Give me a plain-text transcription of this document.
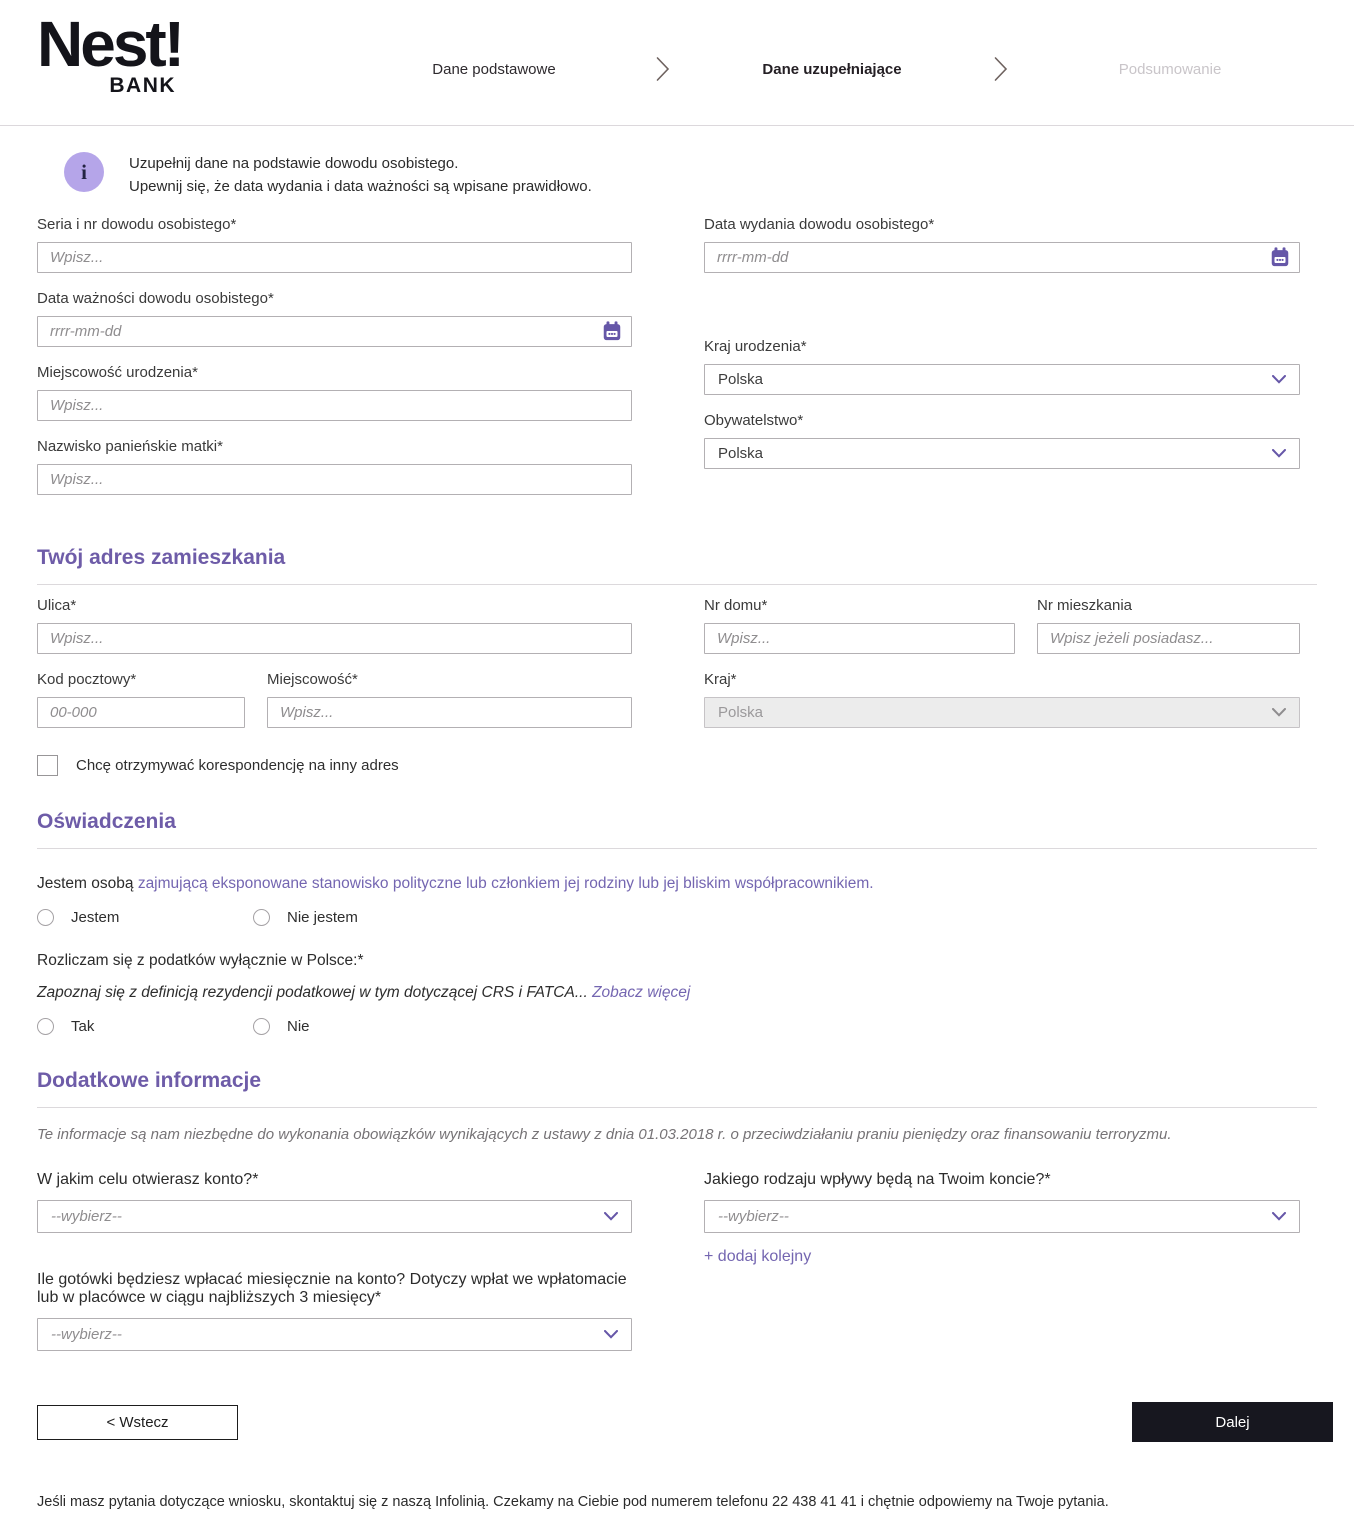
Nest!
BANK
Dane podstawowe	Dane uzupełniające	Podsumowanie
i	Uzupełnij dane na podstawie dowodu osobistego.
Upewnij się, że data wydania i data ważności są wpisane prawidłowo.
Seria i nr dowodu osobistego*
Wpisz...
Data ważności dowodu osobistego*
rrrr-mm-dd
Miejscowość urodzenia*
Wpisz...
Nazwisko panieńskie matki*
Wpisz...
Data wydania dowodu osobistego*
rrrr-mm-dd
Kraj urodzenia*
Polska
Obywatelstwo*
Polska
Twój adres zamieszkania
Ulica*
Wpisz...
Kod pocztowy*
00-000	Miejscowość*
Wpisz...
Nr domu*
Wpisz...	Nr mieszkania
Wpisz jeżeli posiadasz...
Kraj*
Polska
Chcę otrzymywać korespondencję na inny adres
Oświadczenia

Jestem osobą zajmującą eksponowane stanowisko polityczne lub członkiem jej rodziny lub jej bliskim współpracownikiem.

Jestem	Nie jestem

Rozliczam się z podatków wyłącznie w Polsce:*

Zapoznaj się z definicją rezydencji podatkowej w tym dotyczącej CRS i FATCA... Zobacz więcej

Tak	Nie
Dodatkowe informacje

Te informacje są nam niezbędne do wykonania obowiązków wynikających z ustawy z dnia 01.03.2018 r. o przeciwdziałaniu praniu pieniędzy oraz finansowaniu terroryzmu.

W jakim celu otwierasz konto?*
--wybierz--
Ile gotówki będziesz wpłacać miesięcznie na konto? Dotyczy wpłat we wpłatomacie lub w placówce w ciągu najbliższych 3 miesięcy*
--wybierz--
Jakiego rodzaju wpływy będą na Twoim koncie?*
--wybierz--
+ dodaj kolejny
< Wstecz	Dalej

Jeśli masz pytania dotyczące wniosku, skontaktuj się z naszą Infolinią. Czekamy na Ciebie pod numerem telefonu 22 438 41 41 i chętnie odpowiemy na Twoje pytania.
